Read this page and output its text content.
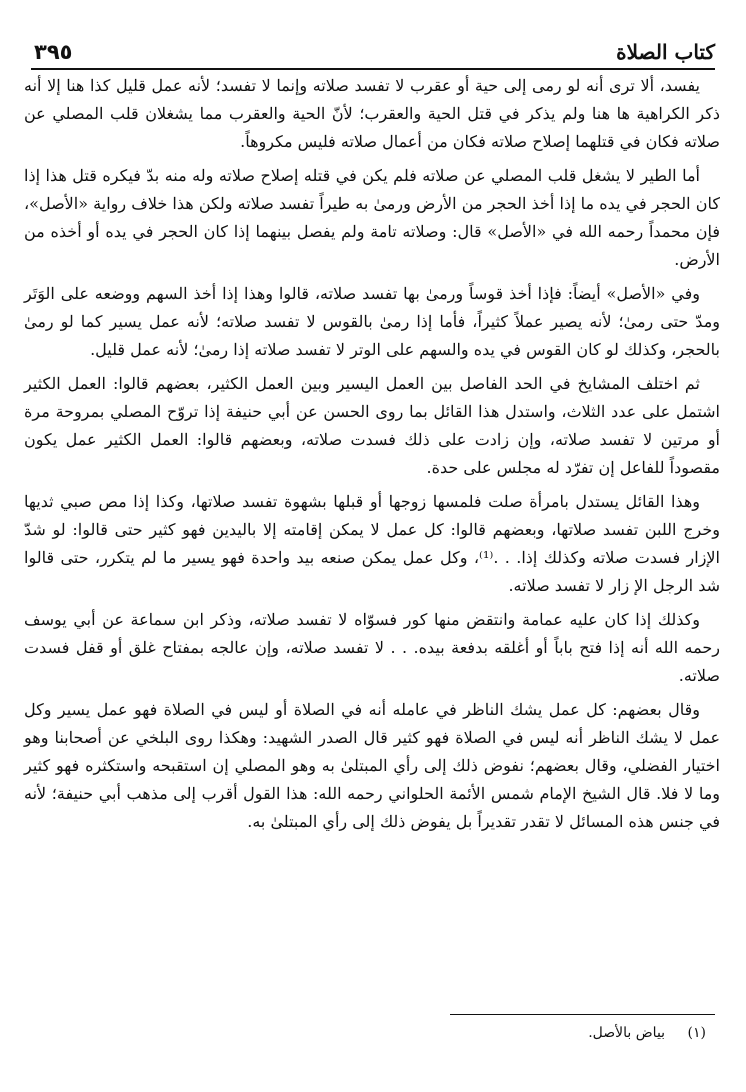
كتاب الصلاة
٣٩٥

يفسد، ألا ترى أنه لو رمى إلى حية أو عقرب لا تفسد صلاته وإنما لا تفسد؛ لأنه عمل قليل كذا هنا إلا أنه ذكر الكراهية ها هنا ولم يذكر في قتل الحية والعقرب؛ لأنّ الحية والعقرب مما يشغلان قلب المصلي عن صلاته فكان في قتلهما إصلاح صلاته فكان من أعمال صلاته فليس مكروهاً.

أما الطير لا يشغل قلب المصلي عن صلاته فلم يكن في قتله إصلاح صلاته وله منه بدّ فيكره قتل هذا إذا كان الحجر في يده ما إذا أخذ الحجر من الأرض ورمىٰ به طيراً تفسد صلاته ولكن هذا خلاف رواية «الأصل»، فإن محمداً رحمه الله في «الأصل» قال: وصلاته تامة ولم يفصل بينهما إذا كان الحجر في يده أو أخذه من الأرض.

وفي «الأصل» أيضاً: فإذا أخذ قوساً ورمىٰ بها تفسد صلاته، قالوا وهذا إذا أخذ السهم ووضعه على الوَتَر ومدّ حتى رمىٰ؛ لأنه يصير عملاً كثيراً، فأما إذا رمىٰ بالقوس لا تفسد صلاته؛ لأنه عمل يسير كما لو رمىٰ بالحجر، وكذلك لو كان القوس في يده والسهم على الوتر لا تفسد صلاته إذا رمىٰ؛ لأنه عمل قليل.

ثم اختلف المشايخ في الحد الفاصل بين العمل اليسير وبين العمل الكثير، بعضهم قالوا: العمل الكثير اشتمل على عدد الثلاث، واستدل هذا القائل بما روى الحسن عن أبي حنيفة إذا تروّح المصلي بمروحة مرة أو مرتين لا تفسد صلاته، وإن زادت على ذلك فسدت صلاته، وبعضهم قالوا: العمل الكثير عمل يكون مقصوداً للفاعل إن تفرّد له مجلس على حدة.

وهذا القائل يستدل بامرأة صلت فلمسها زوجها أو قبلها بشهوة تفسد صلاتها، وكذا إذا مص صبي ثديها وخرج اللبن تفسد صلاتها، وبعضهم قالوا: كل عمل لا يمكن إقامته إلا باليدين فهو كثير حتى قالوا: لو شدّ الإزار فسدت صلاته وكذلك إذا. . .⁽¹⁾، وكل عمل يمكن صنعه بيد واحدة فهو يسير ما لم يتكرر، حتى قالوا شد الرجل الإ زار لا تفسد صلاته.

وكذلك إذا كان عليه عمامة وانتقض منها كور فسوّاه لا تفسد صلاته، وذكر ابن سماعة عن أبي يوسف رحمه الله أنه إذا فتح باباً أو أغلقه بدفعة بيده. . . لا تفسد صلاته، وإن عالجه بمفتاح غلق أو قفل فسدت صلاته.

وقال بعضهم: كل عمل يشك الناظر في عامله أنه في الصلاة أو ليس في الصلاة فهو عمل يسير وكل عمل لا يشك الناظر أنه ليس في الصلاة فهو كثير قال الصدر الشهيد: وهكذا روى البلخي عن أصحابنا وهو اختيار الفضلي، وقال بعضهم؛ نفوض ذلك إلى رأي المبتلىٰ به وهو المصلي إن استقبحه واستكثره فهو كثير وما لا فلا. قال الشيخ الإمام شمس الأئمة الحلواني رحمه الله: هذا القول أقرب إلى مذهب أبي حنيفة؛ لأنه في جنس هذه المسائل لا تقدر تقديراً بل يفوض ذلك إلى رأي المبتلىٰ به.

(١) بياض بالأصل.
